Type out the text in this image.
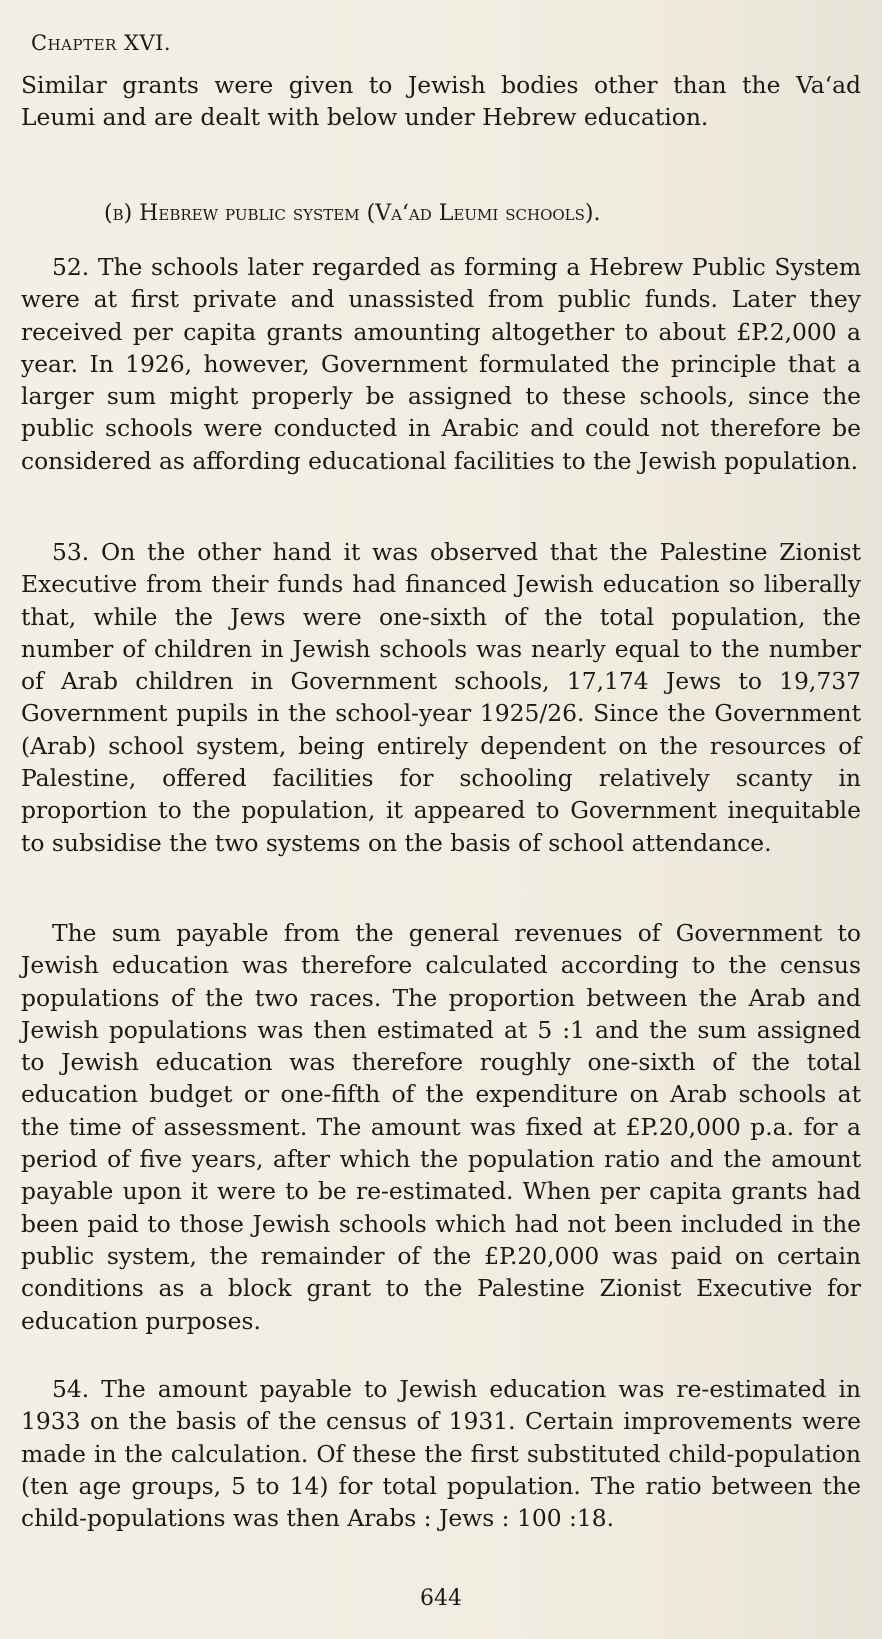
Chapter XVI.

Similar grants were given to Jewish bodies other than the Va‘ad Leumi and are dealt with below under Hebrew education.

(b) Hebrew public system (Va‘ad Leumi schools).

52. The schools later regarded as forming a Hebrew Public System were at first private and unassisted from public funds. Later they received per capita grants amounting altogether to about £P.2,000 a year. In 1926, however, Government formulated the principle that a larger sum might properly be assigned to these schools, since the public schools were conducted in Arabic and could not therefore be considered as affording educational facilities to the Jewish population.

53. On the other hand it was observed that the Palestine Zionist Executive from their funds had financed Jewish education so liberally that, while the Jews were one-sixth of the total population, the number of children in Jewish schools was nearly equal to the number of Arab children in Government schools, 17,174 Jews to 19,737 Government pupils in the school-year 1925/26. Since the Government (Arab) school system, being entirely dependent on the resources of Palestine, offered facilities for schooling relatively scanty in proportion to the population, it appeared to Government inequitable to subsidise the two systems on the basis of school attendance.

The sum payable from the general revenues of Government to Jewish education was therefore calculated according to the census populations of the two races. The proportion between the Arab and Jewish populations was then estimated at 5 :1 and the sum assigned to Jewish education was therefore roughly one-sixth of the total education budget or one-fifth of the expenditure on Arab schools at the time of assessment. The amount was fixed at £P.20,000 p.a. for a period of five years, after which the population ratio and the amount payable upon it were to be re-estimated. When per capita grants had been paid to those Jewish schools which had not been included in the public system, the remainder of the £P.20,000 was paid on certain conditions as a block grant to the Palestine Zionist Executive for education purposes.

54. The amount payable to Jewish education was re-estimated in 1933 on the basis of the census of 1931. Certain improvements were made in the calculation. Of these the first substituted child-population (ten age groups, 5 to 14) for total population. The ratio between the child-populations was then Arabs : Jews : 100 :18.

644
